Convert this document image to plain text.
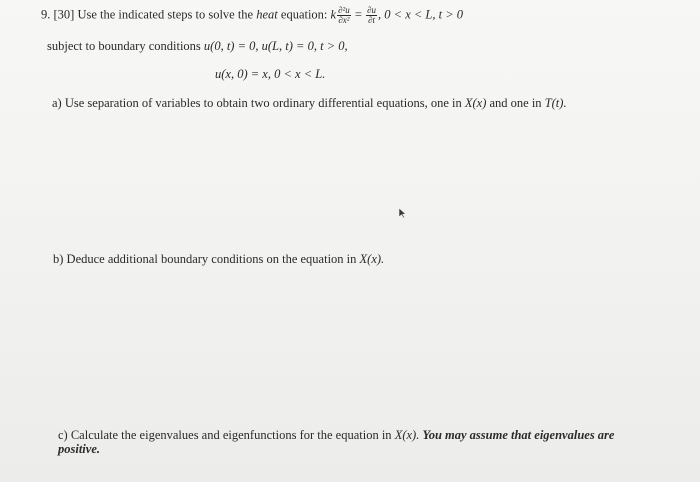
9. [30] Use the indicated steps to solve the heat equation: k $\frac{\text{∂²u}}{\text{∂x²}} = \frac{\partial u}{\partial t}$ , 0 < x < L, t > 0
subject to boundary conditions u(0, t) = 0, u(L, t) = 0, t > 0,
u(x, 0) = x, 0 < x < L.
a) Use separation of variables to obtain two ordinary differential equations, one in X(x) and one in T(t).
b) Deduce additional boundary conditions on the equation in X(x).
c) Calculate the eigenvalues and eigenfunctions for the equation in X(x). You may assume that eigenvalues are
positive.
